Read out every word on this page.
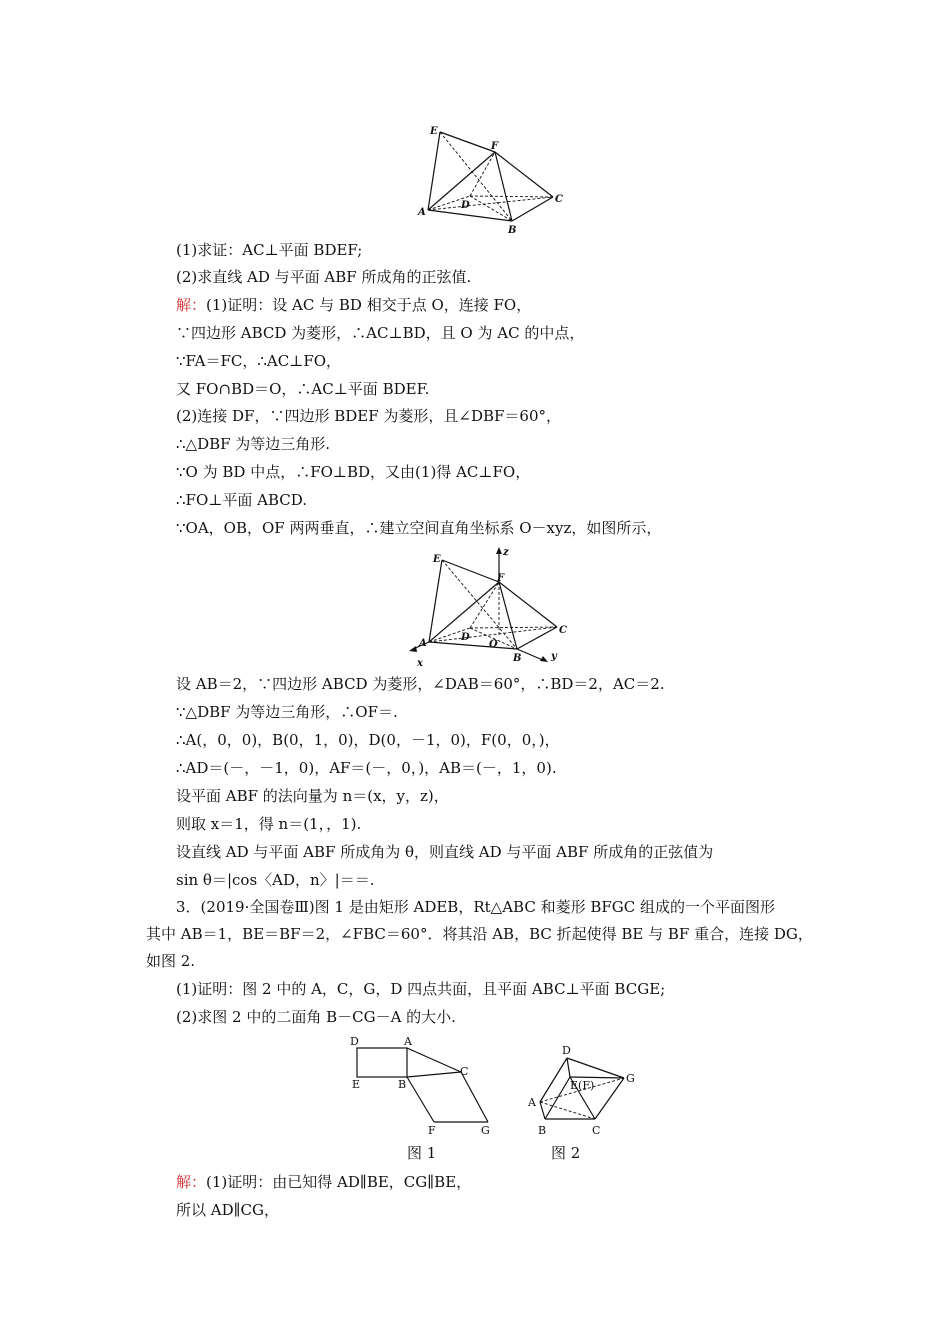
E
F
A
D
B
C
(1)求证：AC⊥平面 BDEF;
(2)求直线 AD 与平面 ABF 所成角的正弦值.
解：(1)证明：设 AC 与 BD 相交于点 O，连接 FO，
∵四边形 ABCD 为菱形，∴AC⊥BD，且 O 为 AC 的中点，
∵FA＝FC，∴AC⊥FO，
又 FO∩BD＝O，∴AC⊥平面 BDEF.
(2)连接 DF，∵四边形 BDEF 为菱形，且∠DBF＝60°，
∴△DBF 为等边三角形.
∵O 为 BD 中点，∴FO⊥BD，又由(1)得 AC⊥FO，
∴FO⊥平面 ABCD.
∵OA，OB，OF 两两垂直，∴建立空间直角坐标系 O－xyz，如图所示，
z
E
F
A
D
O
B
C
x
y
设 AB＝2，∵四边形 ABCD 为菱形，∠DAB＝60°，∴BD＝2，AC＝2.
∵△DBF 为等边三角形，∴OF＝.
∴A(，0，0)，B(0，1，0)，D(0，－1，0)，F(0，0，)，
∴AD＝(－，－1，0)，AF＝(－，0，)，AB＝(－，1，0).
设平面 ABF 的法向量为 n＝(x，y，z)，
则取 x＝1，得 n＝(1，，1).
设直线 AD 与平面 ABF 所成角为 θ，则直线 AD 与平面 ABF 所成角的正弦值为
sin θ＝|cos〈AD，n〉|＝＝.
3．(2019·全国卷Ⅲ)图 1 是由矩形 ADEB，Rt△ABC 和菱形 BFGC 组成的一个平面图形
其中 AB＝1，BE＝BF＝2，∠FBC＝60°．将其沿 AB，BC 折起使得 BE 与 BF 重合，连接 DG，
如图 2.
(1)证明：图 2 中的 A，C，G，D 四点共面，且平面 ABC⊥平面 BCGE;
(2)求图 2 中的二面角 B－CG－A 的大小.
D	A
E	B
C
F	G
图 1
D
E(F)
G
A
B	C
图 2
解：(1)证明：由已知得 AD∥BE，CG∥BE，
所以 AD∥CG，
